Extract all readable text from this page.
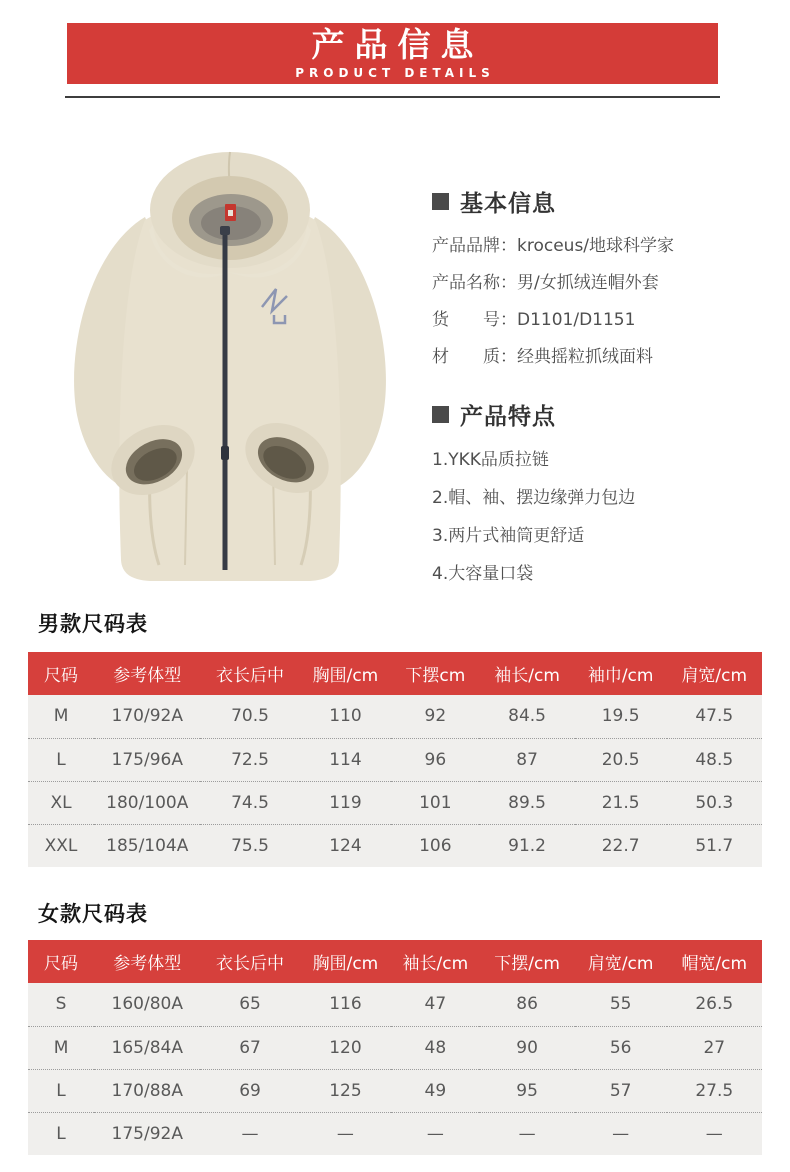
产品信息
PRODUCT DETAILS
基本信息
产品品牌：kroceus/地球科学家
产品名称：男/女抓绒连帽外套
货　　号：D1101/D1151
材　　质：经典摇粒抓绒面料
产品特点
1.YKK品质拉链
2.帽、袖、摆边缘弹力包边
3.两片式袖筒更舒适
4.大容量口袋
男款尺码表
尺码	参考体型	衣长后中	胸围/cm	下摆cm	袖长/cm	袖巾/cm	肩宽/cm
M	170/92A	70.5	110	92	84.5	19.5	47.5
L	175/96A	72.5	114	96	87	20.5	48.5
XL	180/100A	74.5	119	101	89.5	21.5	50.3
XXL	185/104A	75.5	124	106	91.2	22.7	51.7
女款尺码表
尺码	参考体型	衣长后中	胸围/cm	袖长/cm	下摆/cm	肩宽/cm	帽宽/cm
S	160/80A	65	116	47	86	55	26.5
M	165/84A	67	120	48	90	56	27
L	170/88A	69	125	49	95	57	27.5
L	175/92A	—	—	—	—	—	—
